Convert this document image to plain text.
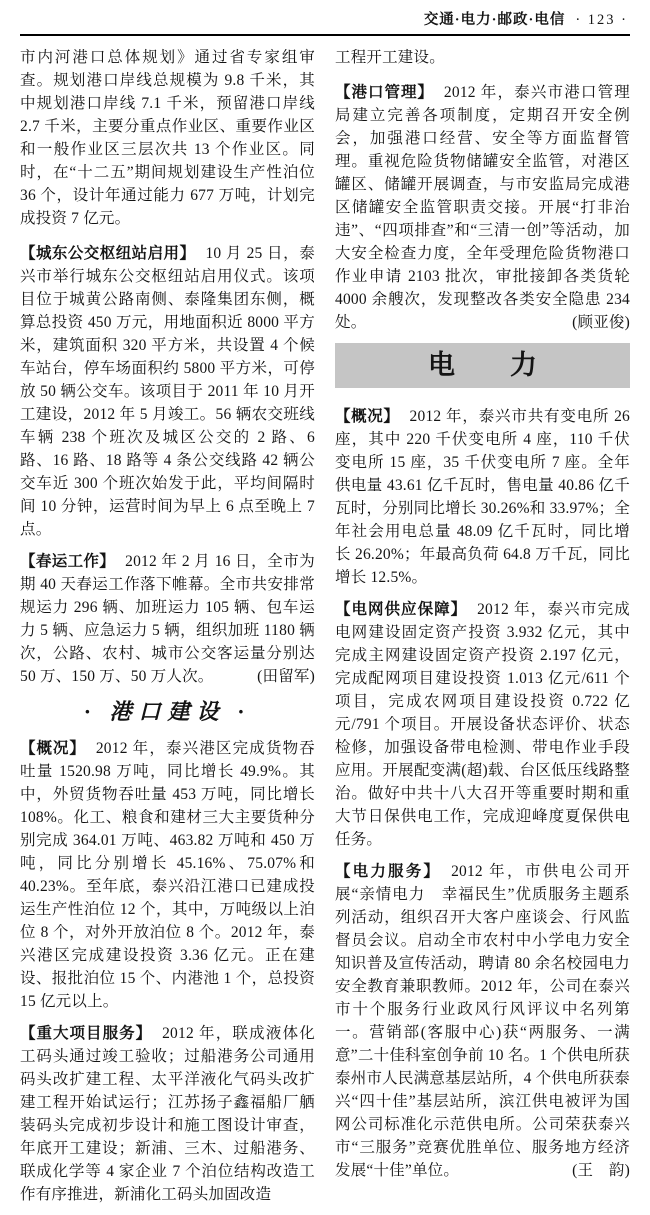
交通·电力·邮政·电信 · 123 ·

市内河港口总体规划》通过省专家组审查。规划港口岸线总规模为 9.8 千米，其中规划港口岸线 7.1 千米，预留港口岸线 2.7 千米，主要分重点作业区、重要作业区和一般作业区三层次共 13 个作业区。同时，在“十二五”期间规划建设生产性泊位 36 个，设计年通过能力 677 万吨，计划完成投资 7 亿元。

【城东公交枢纽站启用】 10 月 25 日，泰兴市举行城东公交枢纽站启用仪式。该项目位于城黄公路南侧、泰隆集团东侧，概算总投资 450 万元，用地面积近 8000 平方米，建筑面积 320 平方米，共设置 4 个候车站台，停车场面积约 5800 平方米，可停放 50 辆公交车。该项目于 2011 年 10 月开工建设，2012 年 5 月竣工。56 辆农交班线车辆 238 个班次及城区公交的 2 路、6 路、16 路、18 路等 4 条公交线路 42 辆公交车近 300 个班次始发于此，平均间隔时间 10 分钟，运营时间为早上 6 点至晚上 7 点。

【春运工作】 2012 年 2 月 16 日，全市为期 40 天春运工作落下帷幕。全市共安排常规运力 296 辆、加班运力 105 辆、包车运力 5 辆、应急运力 5 辆，组织加班 1180 辆次，公路、农村、城市公交客运量分别达 50 万、150 万、50 万人次。	(田留军)

· 港口建设 ·

【概况】 2012 年，泰兴港区完成货物吞吐量 1520.98 万吨，同比增长 49.9%。其中，外贸货物吞吐量 453 万吨，同比增长 108%。化工、粮食和建材三大主要货种分别完成 364.01 万吨、463.82 万吨和 450 万吨，同比分别增长 45.16%、75.07%和 40.23%。至年底，泰兴沿江港口已建成投运生产性泊位 12 个，其中，万吨级以上泊位 8 个，对外开放泊位 8 个。2012 年，泰兴港区完成建设投资 3.36 亿元。正在建设、报批泊位 15 个、内港池 1 个，总投资 15 亿元以上。

【重大项目服务】 2012 年，联成液体化工码头通过竣工验收；过船港务公司通用码头改扩建工程、太平洋液化气码头改扩建工程开始试运行；江苏扬子鑫福船厂舾装码头完成初步设计和施工图设计审查，年底开工建设；新浦、三木、过船港务、联成化学等 4 家企业 7 个泊位结构改造工作有序推进，新浦化工码头加固改造

工程开工建设。

【港口管理】 2012 年，泰兴市港口管理局建立完善各项制度，定期召开安全例会，加强港口经营、安全等方面监督管理。重视危险货物储罐安全监管，对港区罐区、储罐开展调查，与市安监局完成港区储罐安全监管职责交接。开展“打非治违”、“四项排查”和“三清一创”等活动，加大安全检查力度，全年受理危险货物港口作业申请 2103 批次，审批接卸各类货轮 4000 余艘次，发现整改各类安全隐患 234 处。	(顾亚俊)

电　力

【概况】 2012 年，泰兴市共有变电所 26 座，其中 220 千伏变电所 4 座，110 千伏变电所 15 座，35 千伏变电所 7 座。全年供电量 43.61 亿千瓦时，售电量 40.86 亿千瓦时，分别同比增长 30.26%和 33.97%；全年社会用电总量 48.09 亿千瓦时，同比增长 26.20%；年最高负荷 64.8 万千瓦，同比增长 12.5%。

【电网供应保障】 2012 年，泰兴市完成电网建设固定资产投资 3.932 亿元，其中完成主网建设固定资产投资 2.197 亿元，完成配网项目建设投资 1.013 亿元/611 个项目，完成农网项目建设投资 0.722 亿元/791 个项目。开展设备状态评价、状态检修，加强设备带电检测、带电作业手段应用。开展配变满(超)载、台区低压线路整治。做好中共十八大召开等重要时期和重大节日保供电工作，完成迎峰度夏保供电任务。

【电力服务】 2012 年，市供电公司开展“亲情电力　幸福民生”优质服务主题系列活动，组织召开大客户座谈会、行风监督员会议。启动全市农村中小学电力安全知识普及宣传活动，聘请 80 余名校园电力安全教育兼职教师。2012 年，公司在泰兴市十个服务行业政风行风评议中名列第一。营销部(客服中心)获“两服务、一满意”二十佳科室创争前 10 名。1 个供电所获泰州市人民满意基层站所，4 个供电所获泰兴“四十佳”基层站所，滨江供电被评为国网公司标准化示范供电所。公司荣获泰兴市“三服务”竞赛优胜单位、服务地方经济发展“十佳”单位。	(王　韵)
